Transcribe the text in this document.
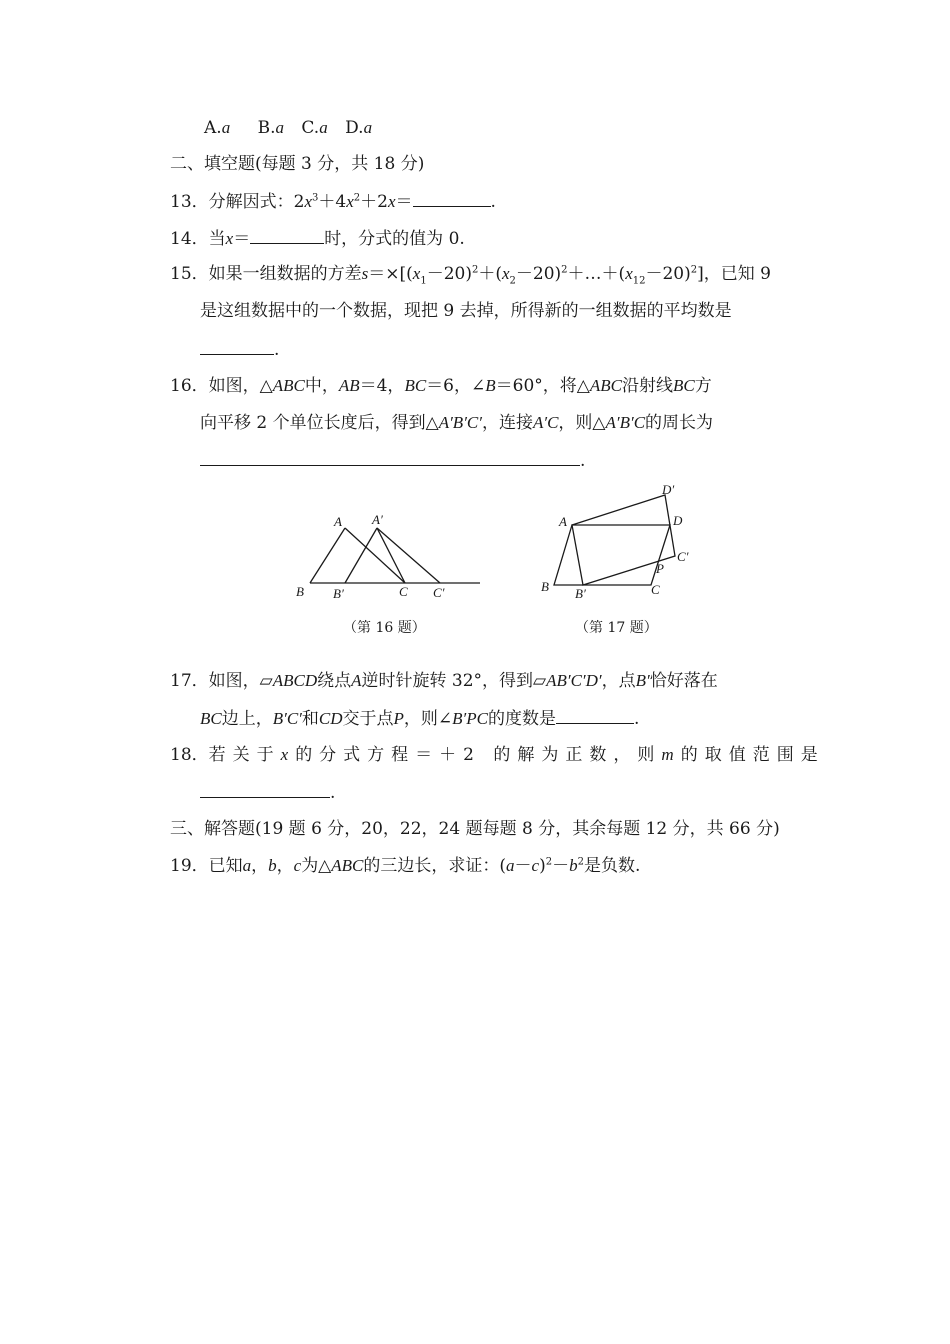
A.a B.a C.a D.a
二、填空题(每题 3 分，共 18 分)
13．分解因式：$2x^3+4x^2+2x=$	.
14．当x＝	时，分式的值为 0.
15．如果一组数据的方差$s=\times[(x_1-20)^2+(x_2-20)^2+\dots+(x_{12}-20)^2]$，已知 9
是这组数据中的一个数据，现把 9 去掉，所得新的一组数据的平均数是
.
16．如图，△ABC中，AB＝4，BC＝6，∠B＝60°，将△ABC沿射线BC方
向平移 2 个单位长度后，得到△A′B′C′，连接A′C，则△A′B′C的周长为
.
A A′
B B′	C C′
（第 16 题）
A
D′
D
C′
P
B B′	C
（第 17 题）
17．如图，▱ABCD绕点A逆时针旋转 32°，得到▱AB′C′D′，点B′恰好落在
BC边上，B′C′和CD交于点P，则∠B′PC的度数是	.
18．若关于x的分式方程＝＋2 的解为正数，则m的取值范围是
.
三、解答题(19 题 6 分，20，22，24 题每题 8 分，其余每题 12 分，共 66 分)
19．已知a，b，c为△ABC的三边长，求证：$(a-c)^2-b^2$是负数.
